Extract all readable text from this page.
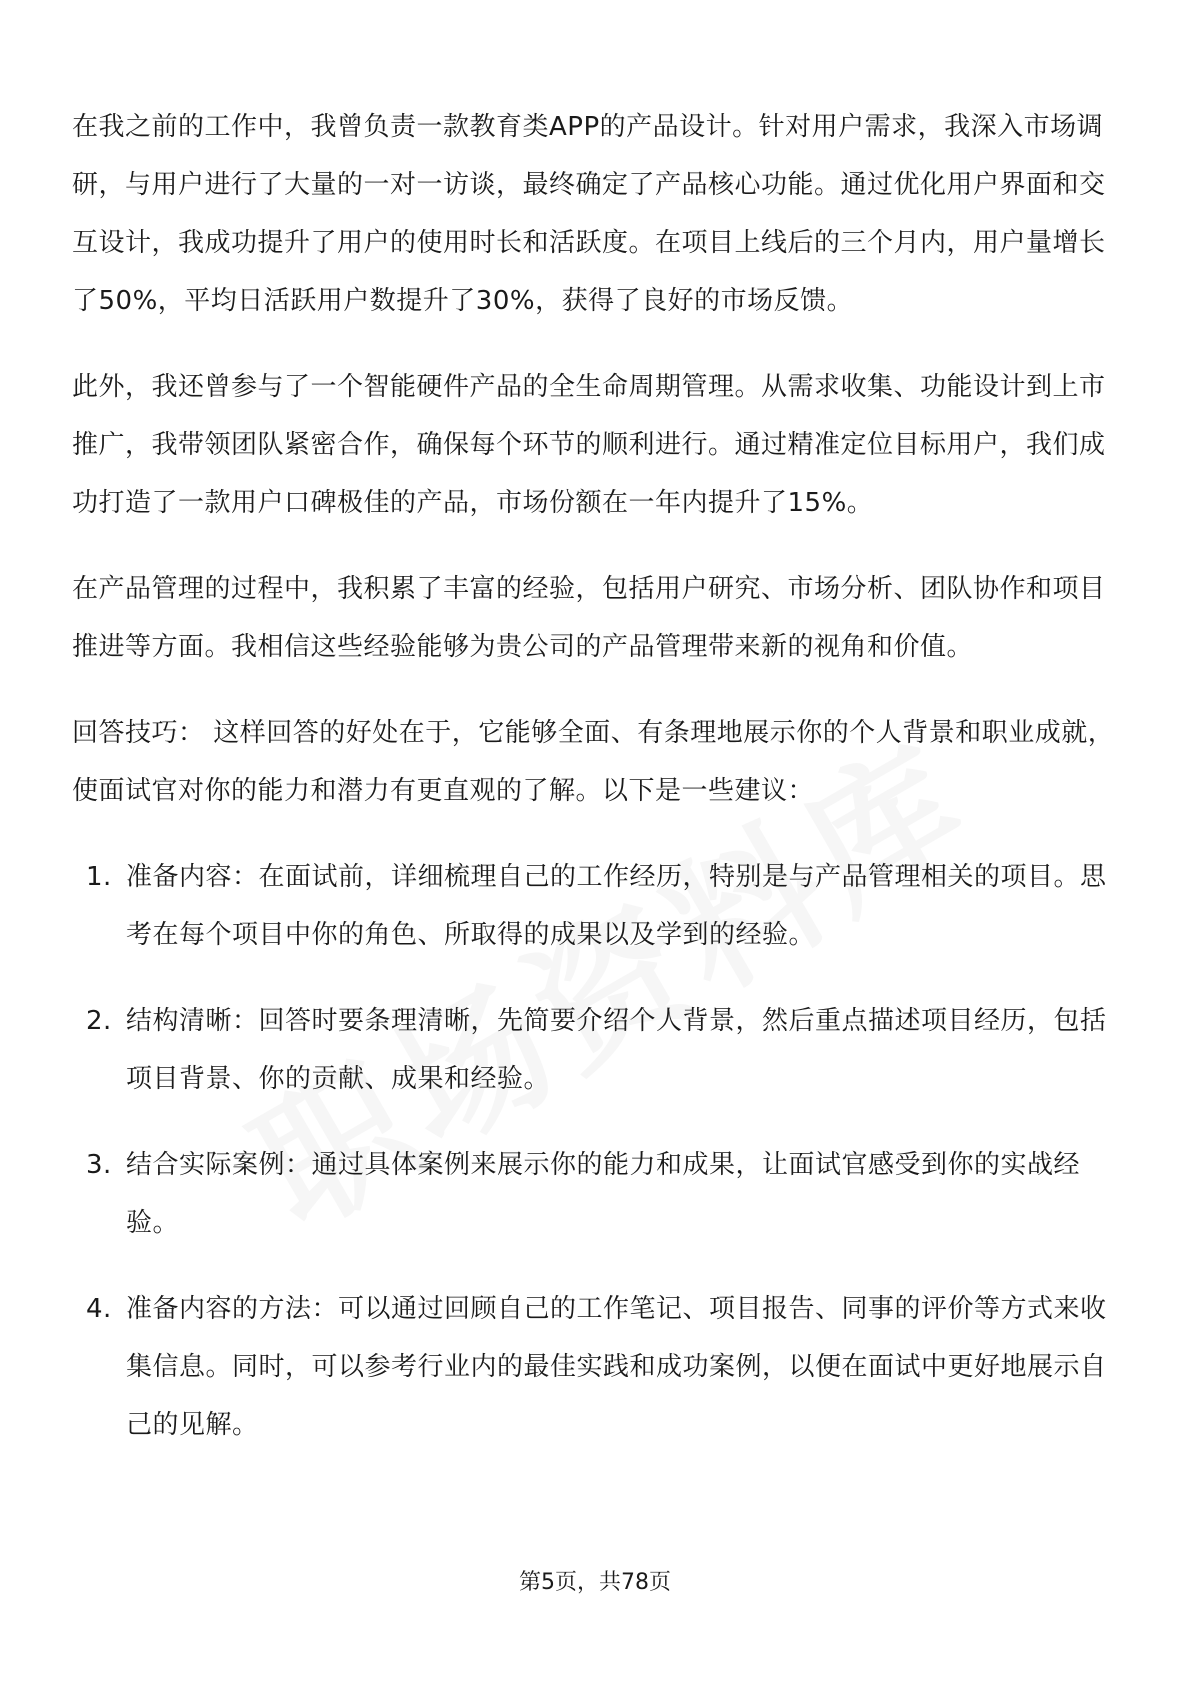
在我之前的工作中，我曾负责一款教育类APP的产品设计。针对用户需求，我深入市场调研，与用户进行了大量的一对一访谈，最终确定了产品核心功能。通过优化用户界面和交互设计，我成功提升了用户的使用时长和活跃度。在项目上线后的三个月内，用户量增长了50%，平均日活跃用户数提升了30%，获得了良好的市场反馈。

此外，我还曾参与了一个智能硬件产品的全生命周期管理。从需求收集、功能设计到上市推广，我带领团队紧密合作，确保每个环节的顺利进行。通过精准定位目标用户，我们成功打造了一款用户口碑极佳的产品，市场份额在一年内提升了15%。

在产品管理的过程中，我积累了丰富的经验，包括用户研究、市场分析、团队协作和项目推进等方面。我相信这些经验能够为贵公司的产品管理带来新的视角和价值。

回答技巧： 这样回答的好处在于，它能够全面、有条理地展示你的个人背景和职业成就，使面试官对你的能力和潜力有更直观的了解。以下是一些建议：

1. 准备内容：在面试前，详细梳理自己的工作经历，特别是与产品管理相关的项目。思考在每个项目中你的角色、所取得的成果以及学到的经验。
2. 结构清晰：回答时要条理清晰，先简要介绍个人背景，然后重点描述项目经历，包括项目背景、你的贡献、成果和经验。
3. 结合实际案例：通过具体案例来展示你的能力和成果，让面试官感受到你的实战经验。
4. 准备内容的方法：可以通过回顾自己的工作笔记、项目报告、同事的评价等方式来收集信息。同时，可以参考行业内的最佳实践和成功案例，以便在面试中更好地展示自己的见解。
第5页，共78页
